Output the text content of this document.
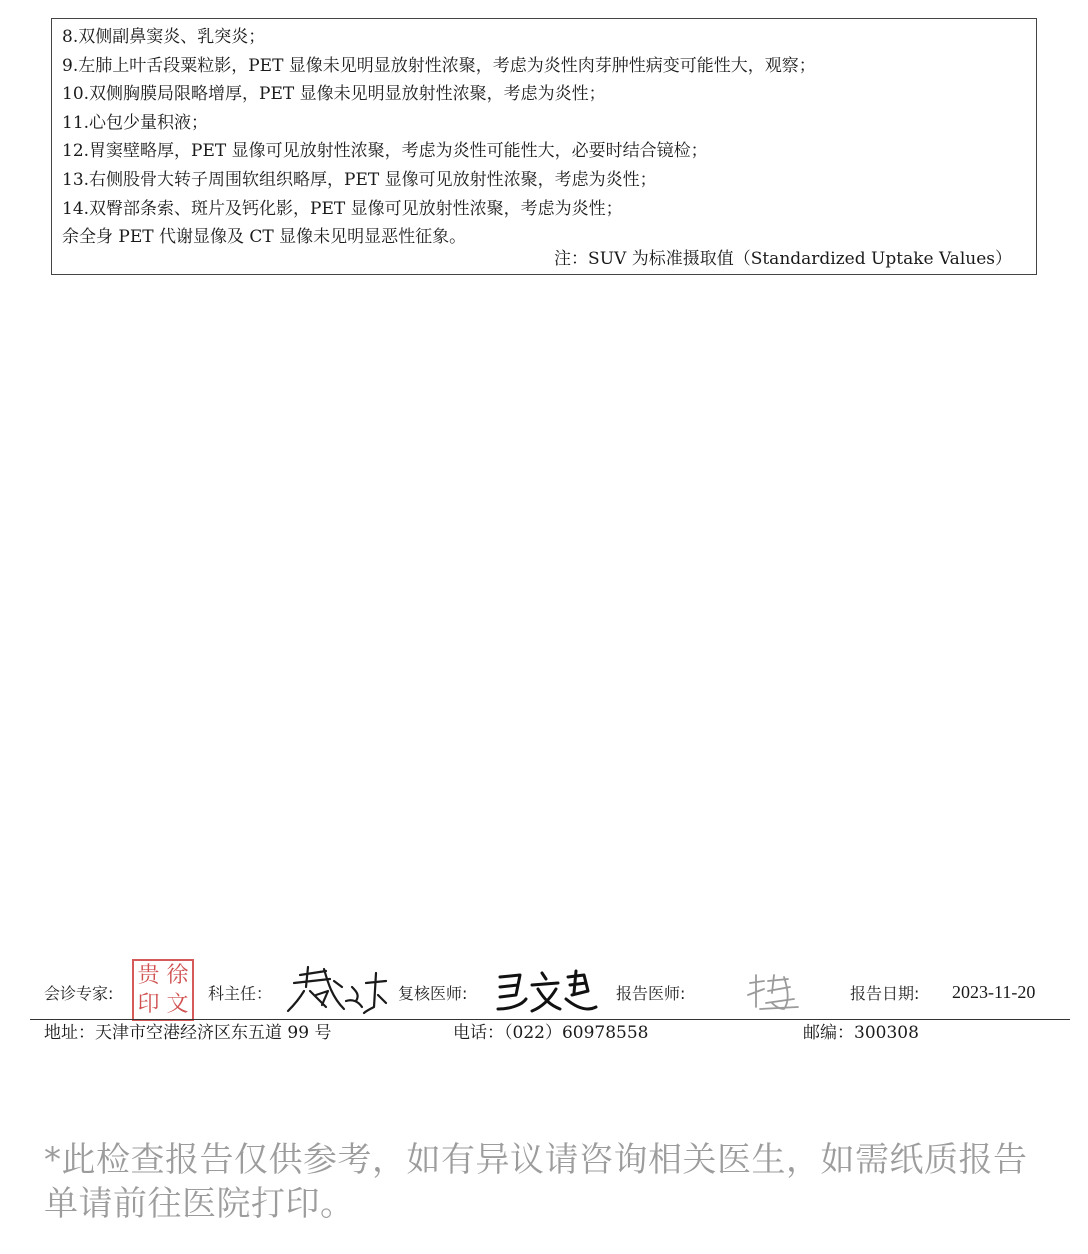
8.双侧副鼻窦炎、乳突炎；
9.左肺上叶舌段粟粒影，PET 显像未见明显放射性浓聚，考虑为炎性肉芽肿性病变可能性大，观察；
10.双侧胸膜局限略增厚，PET 显像未见明显放射性浓聚，考虑为炎性；
11.心包少量积液；
12.胃窦壁略厚，PET 显像可见放射性浓聚，考虑为炎性可能性大，必要时结合镜检；
13.右侧股骨大转子周围软组织略厚，PET 显像可见放射性浓聚，考虑为炎性；
14.双臀部条索、斑片及钙化影，PET 显像可见放射性浓聚，考虑为炎性；
余全身 PET 代谢显像及 CT 显像未见明显恶性征象。
注：SUV 为标准摄取值（Standardized Uptake Values）
会诊专家:
贵 徐
印 文 科主任：	复核医师:	报告医师:	报告日期: 2023-11-20
地址：天津市空港经济区东五道 99 号	电话：（022）60978558	邮编：300308
*此检查报告仅供参考，如有异议请咨询相关医生，如需纸质报告单请前往医院打印。
